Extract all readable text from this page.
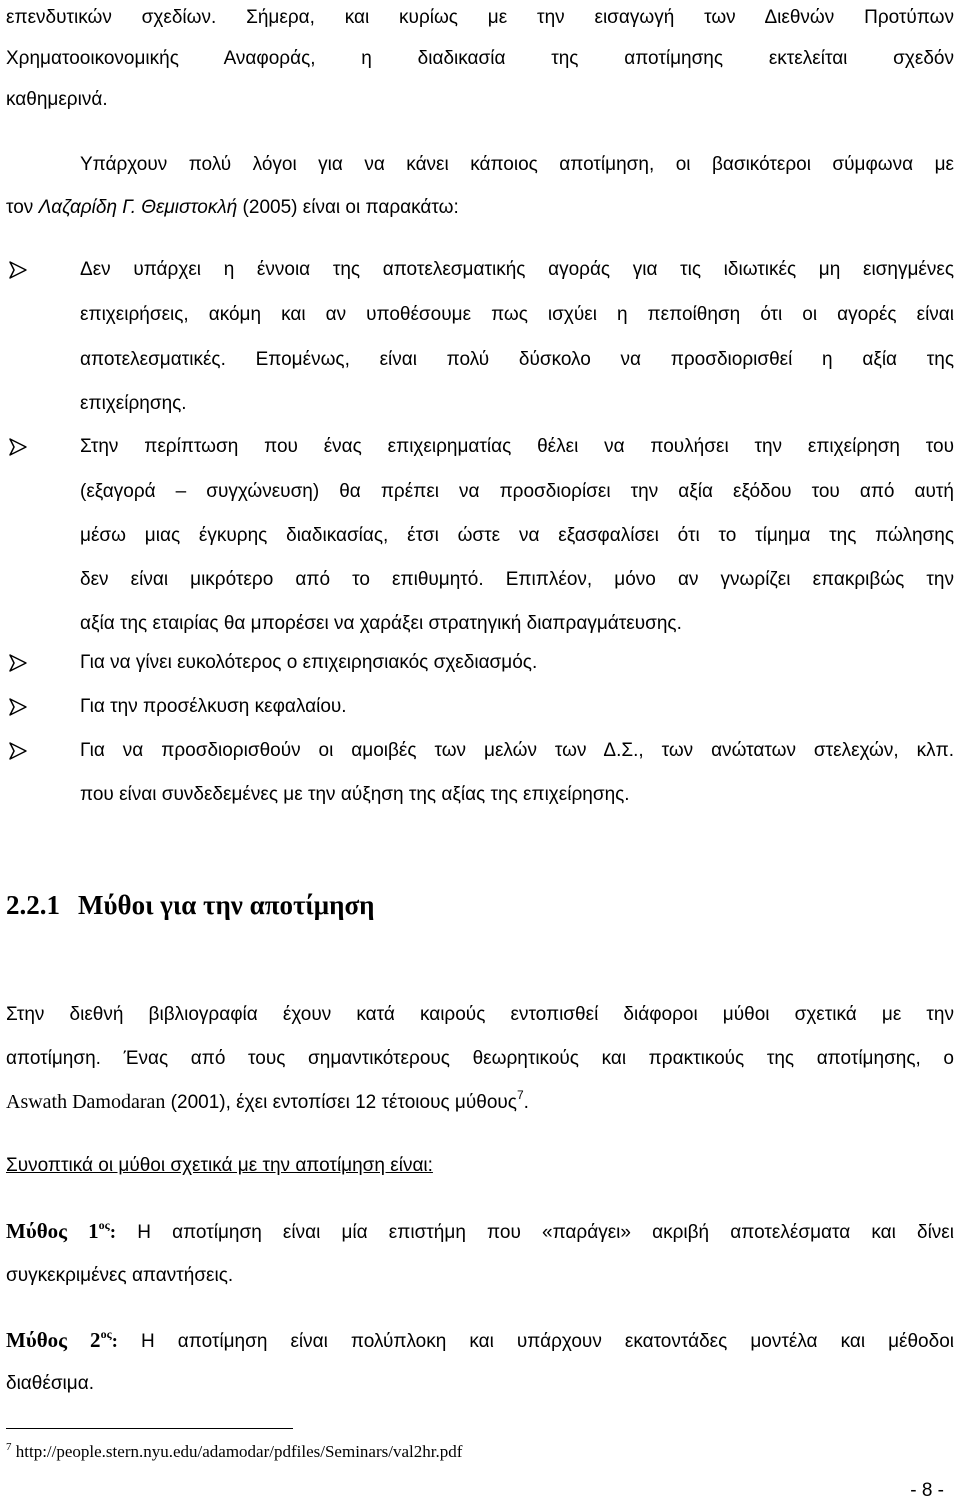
επενδυτικών σχεδίων. Σήμερα, και κυρίως με την εισαγωγή των Διεθνών Προτύπων
Χρηματοοικονομικής Αναφοράς, η διαδικασία της αποτίμησης εκτελείται σχεδόν
καθημερινά.
Υπάρχουν πολύ λόγοι για να κάνει κάποιος αποτίμηση, οι βασικότεροι σύμφωνα με
τον Λαζαρίδη Γ. Θεμιστοκλή (2005) είναι οι παρακάτω:
Δεν υπάρχει η έννοια της αποτελεσματικής αγοράς για τις ιδιωτικές μη εισηγμένες
επιχειρήσεις, ακόμη και αν υποθέσουμε πως ισχύει η πεποίθηση ότι οι αγορές είναι
αποτελεσματικές. Επομένως, είναι πολύ δύσκολο να προσδιορισθεί η αξία της
επιχείρησης.
Στην περίπτωση που ένας επιχειρηματίας θέλει να πουλήσει την επιχείρηση του
(εξαγορά – συγχώνευση) θα πρέπει να προσδιορίσει την αξία εξόδου του από αυτή
μέσω μιας έγκυρης διαδικασίας, έτσι ώστε να εξασφαλίσει ότι το τίμημα της πώλησης
δεν είναι μικρότερο από το επιθυμητό. Επιπλέον, μόνο αν γνωρίζει επακριβώς την
αξία της εταιρίας θα μπορέσει να χαράξει στρατηγική διαπραγμάτευσης.
Για να γίνει ευκολότερος ο επιχειρησιακός σχεδιασμός.
Για την προσέλκυση κεφαλαίου.
Για να προσδιορισθούν οι αμοιβές των μελών των Δ.Σ., των ανώτατων στελεχών, κλπ.
που είναι συνδεδεμένες με την αύξηση της αξίας της επιχείρησης.
2.2.1 Μύθοι για την αποτίμηση
Στην διεθνή βιβλιογραφία έχουν κατά καιρούς εντοπισθεί διάφοροι μύθοι σχετικά με την
αποτίμηση. Ένας από τους σημαντικότερους θεωρητικούς και πρακτικούς της αποτίμησης, ο
Aswath Damodaran (2001), έχει εντοπίσει 12 τέτοιους μύθους$^7$.
Συνοπτικά οι μύθοι σχετικά με την αποτίμηση είναι:
Μύθος $1^{o\varsigma}$: Η αποτίμηση είναι μία επιστήμη που «παράγει» ακριβή αποτελέσματα και δίνει
συγκεκριμένες απαντήσεις.
Μύθος $2^{o\varsigma}$: Η αποτίμηση είναι πολύπλοκη και υπάρχουν εκατοντάδες μοντέλα και μέθοδοι
διαθέσιμα.
$^7$ http://people.stern.nyu.edu/adamodar/pdfiles/Seminars/val2hr.pdf
- 8 -
